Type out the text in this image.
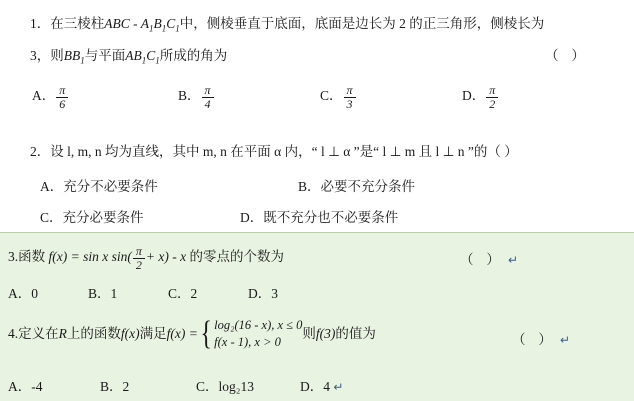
1．在三棱柱ABC - $A_1B_1C_1$中，侧棱垂直于底面，底面是边长为 2 的正三角形，侧棱长为
3，则$BB_1$与平面$AB_1C_1$所成的角为	（ ）
A． $\frac{\pi}{6}$	B． $\frac{\pi}{4}$	C． $\frac{\pi}{3}$	D． $\frac{\pi}{2}$
2．设 l, m, n 均为直线，其中 m, n 在平面 α 内，“ l ⊥ α ”是“ l ⊥ m 且 l ⊥ n ”的（ ）
A．充分不必要条件	B．必要不充分条件
C．充分必要条件	D．既不充分也不必要条件
3.函数 f(x) = sin x $\sin( \frac{\pi}{2} + x) - x$ 的零点的个数为	（ ） ↵
A．0	B．1	C．2	D．3
4.定义在R上的函数f(x)满足f(x) ={ log₂(16 - x), x ≤ 0
f(x - 1), x > 0
则f(3)的值为	（ ） ↵
A．-4	B．2	C．log₂13	D．4 ↵
